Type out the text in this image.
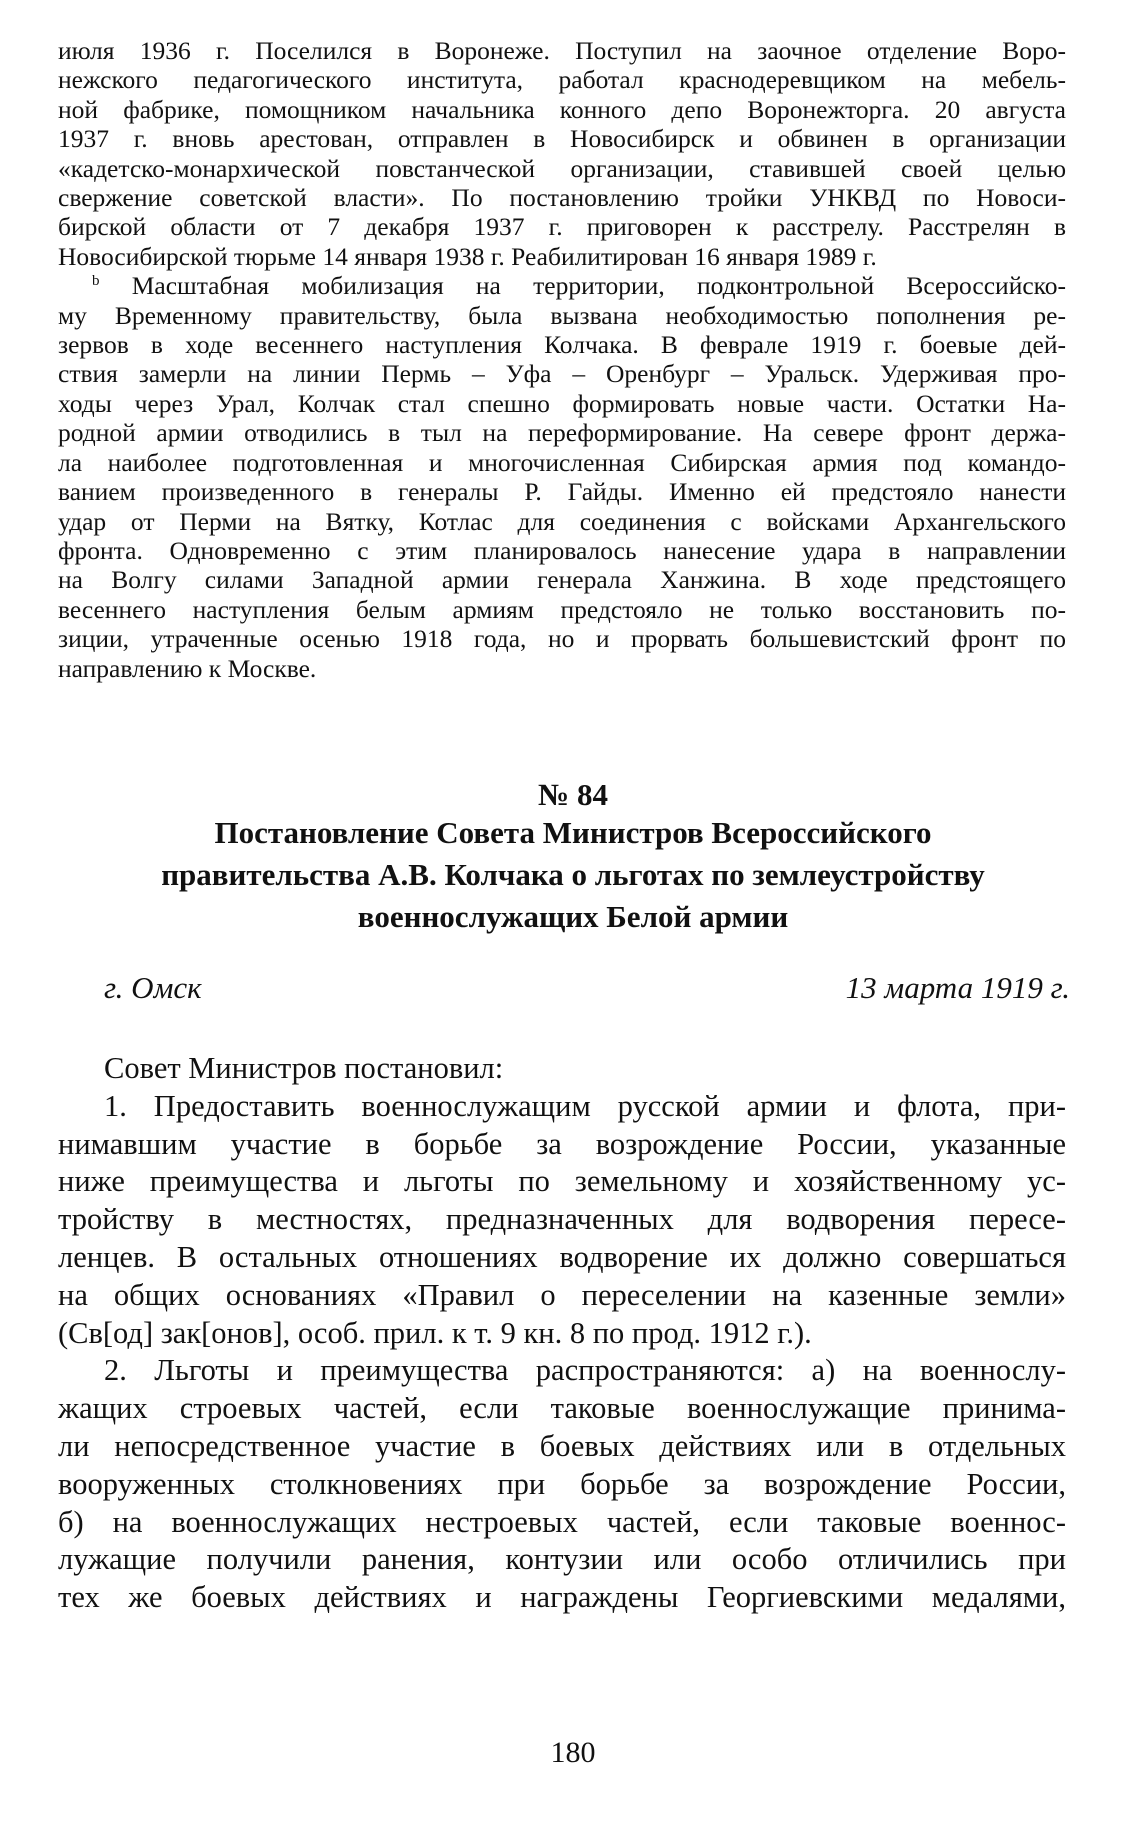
июля 1936 г. Поселился в Воронеже. Поступил на заочное отделение Воро-

нежского педагогического института, работал краснодеревщиком на мебель-

ной фабрике, помощником начальника конного депо Воронежторга. 20 августа

1937 г. вновь арестован, отправлен в Новосибирск и обвинен в организации

«кадетско-монархической повстанческой организации, ставившей своей целью

свержение советской власти». По постановлению тройки УНКВД по Новоси-

бирской области от 7 декабря 1937 г. приговорен к расстрелу. Расстрелян в

Новосибирской тюрьме 14 января 1938 г. Реабилитирован 16 января 1989 г.

$^b$ Масштабная мобилизация на территории, подконтрольной Всероссийско-

му Временному правительству, была вызвана необходимостью пополнения ре-

зервов в ходе весеннего наступления Колчака. В феврале 1919 г. боевые дей-

ствия замерли на линии Пермь – Уфа – Оренбург – Уральск. Удерживая про-

ходы через Урал, Колчак стал спешно формировать новые части. Остатки На-

родной армии отводились в тыл на переформирование. На севере фронт держа-

ла наиболее подготовленная и многочисленная Сибирская армия под командо-

ванием произведенного в генералы Р. Гайды. Именно ей предстояло нанести

удар от Перми на Вятку, Котлас для соединения с войсками Архангельского

фронта. Одновременно с этим планировалось нанесение удара в направлении

на Волгу силами Западной армии генерала Ханжина. В ходе предстоящего

весеннего наступления белым армиям предстояло не только восстановить по-

зиции, утраченные осенью 1918 года, но и прорвать большевистский фронт по

направлению к Москве.

№ 84
Постановление Совета Министров Всероссийского
правительства А.В. Колчака о льготах по землеустройству
военнослужащих Белой армии
г. Омск	13 марта 1919 г.

Совет Министров постановил:

1. Предоставить военнослужащим русской армии и флота, при-

нимавшим участие в борьбе за возрождение России, указанные

ниже преимущества и льготы по земельному и хозяйственному ус-

тройству в местностях, предназначенных для водворения пересе-

ленцев. В остальных отношениях водворение их должно совершаться

на общих основаниях «Правил о переселении на казенные земли»

(Св[од] зак[онов], особ. прил. к т. 9 кн. 8 по прод. 1912 г.).

2. Льготы и преимущества распространяются: а) на военнослу-

жащих строевых частей, если таковые военнослужащие принима-

ли непосредственное участие в боевых действиях или в отдельных

вооруженных столкновениях при борьбе за возрождение России,

б) на военнослужащих нестроевых частей, если таковые военнос-

лужащие получили ранения, контузии или особо отличились при

тех же боевых действиях и награждены Георгиевскими медалями,

180
